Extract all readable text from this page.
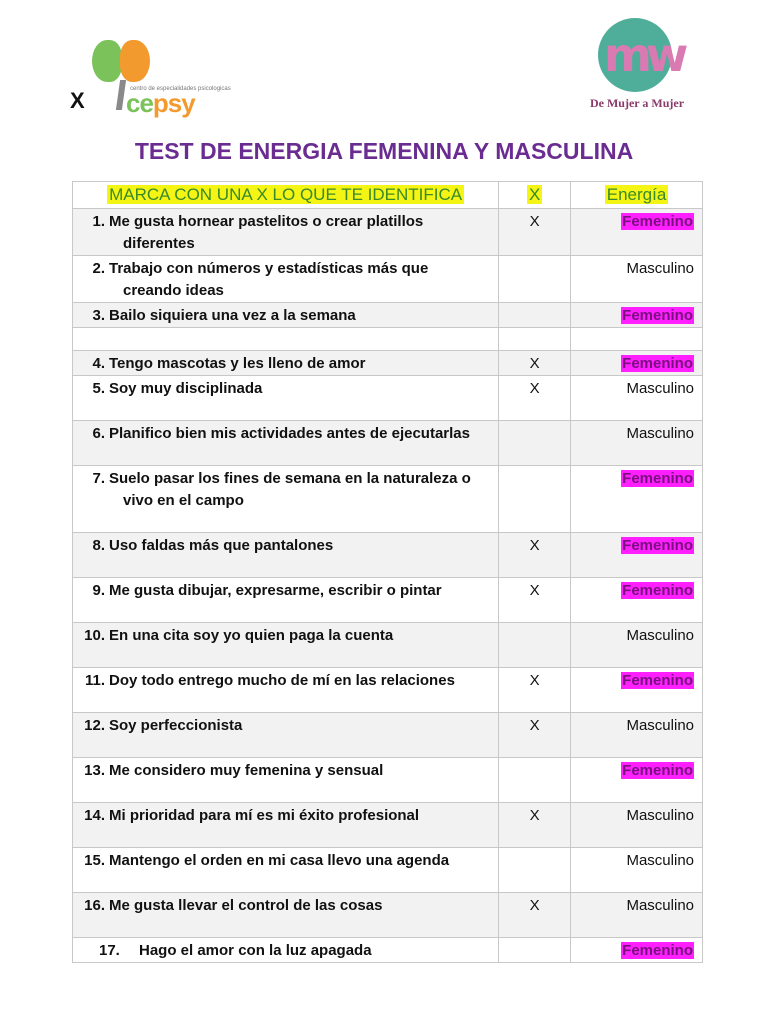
X	centro de especialidades psicologicas
cepsy
mw
De Mujer a Mujer
TEST DE ENERGIA FEMENINA Y MASCULINA
MARCA CON UNA X LO QUE TE IDENTIFICA	X	Energía
1. Me gusta hornear pastelitos o crear platillos
diferentes	X	Femenino
2. Trabajo con números y estadísticas más que
creando ideas		Masculino
3. Bailo siquiera una vez a la semana		Femenino

4. Tengo mascotas y les lleno de amor	X	Femenino
5. Soy muy disciplinada	X	Masculino
6. Planifico bien mis actividades antes de ejecutarlas		Masculino
7. Suelo pasar los fines de semana en la naturaleza o
vivo en el campo		Femenino
8. Uso faldas más que pantalones	X	Femenino
9. Me gusta dibujar, expresarme, escribir o pintar	X	Femenino
10. En una cita soy yo quien paga la cuenta		Masculino
11. Doy todo entrego mucho de mí en las relaciones	X	Femenino
12. Soy perfeccionista	X	Masculino
13. Me considero muy femenina y sensual		Femenino
14. Mi prioridad para mí es mi éxito profesional	X	Masculino
15. Mantengo el orden en mi casa llevo una agenda		Masculino
16. Me gusta llevar el control de las cosas	X	Masculino
17. Hago el amor con la luz apagada		Femenino
